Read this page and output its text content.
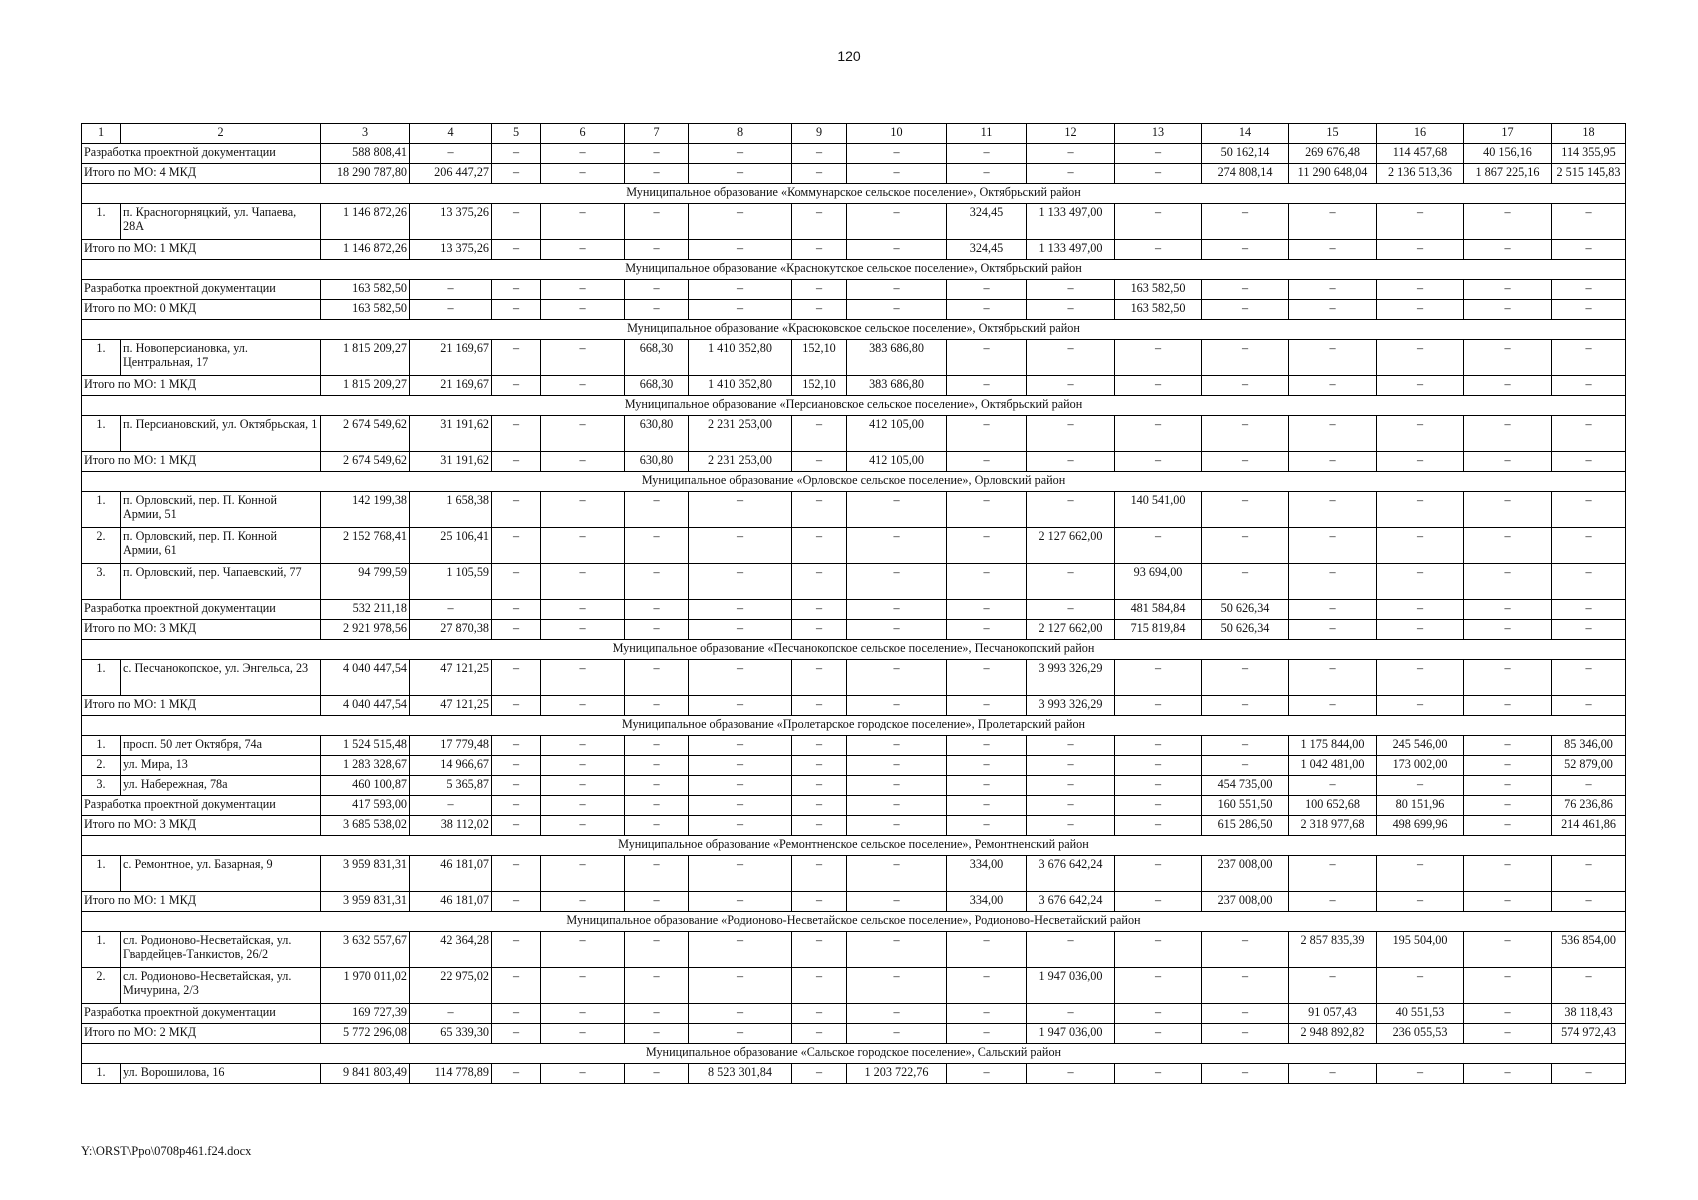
120
1	2	3	4	5	6	7	8	9	10	11	12	13	14	15	16	17	18
Разработка проектной документации		588 808,41	–	–	–	–	–	–	–	–	–	–	50 162,14	269 676,48	114 457,68	40 156,16	114 355,95
Итого по МО: 4 МКД		18 290 787,80	206 447,27	–	–	–	–	–	–	–	–	–	274 808,14	11 290 648,04	2 136 513,36	1 867 225,16	2 515 145,83
Муниципальное образование «Коммунарское сельское поселение», Октябрьский район																	
1.	п. Красногорняцкий, ул. Чапаева, 28А	1 146 872,26	13 375,26	–	–	–	–	–	–	324,45	1 133 497,00	–	–	–	–	–	–
Итого по МО: 1 МКД		1 146 872,26	13 375,26	–	–	–	–	–	–	324,45	1 133 497,00	–	–	–	–	–	–
Муниципальное образование «Краснокутское сельское поселение», Октябрьский район																	
Разработка проектной документации		163 582,50	–	–	–	–	–	–	–	–	–	163 582,50	–	–	–	–	–
Итого по МО: 0 МКД		163 582,50	–	–	–	–	–	–	–	–	–	163 582,50	–	–	–	–	–
Муниципальное образование «Красюковское сельское поселение», Октябрьский район																	
1.	п. Новоперсиановка, ул. Центральная, 17	1 815 209,27	21 169,67	–	–	668,30	1 410 352,80	152,10	383 686,80	–	–	–	–	–	–	–	–
Итого по МО: 1 МКД		1 815 209,27	21 169,67	–	–	668,30	1 410 352,80	152,10	383 686,80	–	–	–	–	–	–	–	–
Муниципальное образование «Персиановское сельское поселение», Октябрьский район																	
1.	п. Персиановский, ул. Октябрьская, 1	2 674 549,62	31 191,62	–	–	630,80	2 231 253,00	–	412 105,00	–	–	–	–	–	–	–	–
Итого по МО: 1 МКД		2 674 549,62	31 191,62	–	–	630,80	2 231 253,00	–	412 105,00	–	–	–	–	–	–	–	–
Муниципальное образование «Орловское сельское поселение», Орловский район																	
1.	п. Орловский, пер. П. Конной Армии, 51	142 199,38	1 658,38	–	–	–	–	–	–	–	–	140 541,00	–	–	–	–	–
2.	п. Орловский, пер. П. Конной Армии, 61	2 152 768,41	25 106,41	–	–	–	–	–	–	–	2 127 662,00	–	–	–	–	–	–
3.	п. Орловский, пер. Чапаевский, 77	94 799,59	1 105,59	–	–	–	–	–	–	–	–	93 694,00	–	–	–	–	–
Разработка проектной документации		532 211,18	–	–	–	–	–	–	–	–	–	481 584,84	50 626,34	–	–	–	–
Итого по МО: 3 МКД		2 921 978,56	27 870,38	–	–	–	–	–	–	–	2 127 662,00	715 819,84	50 626,34	–	–	–	–
Муниципальное образование «Песчанокопское сельское поселение», Песчанокопский район																	
1.	с. Песчанокопское, ул. Энгельса, 23	4 040 447,54	47 121,25	–	–	–	–	–	–	–	3 993 326,29	–	–	–	–	–	–
Итого по МО: 1 МКД		4 040 447,54	47 121,25	–	–	–	–	–	–	–	3 993 326,29	–	–	–	–	–	–
Муниципальное образование «Пролетарское городское поселение», Пролетарский район																	
1.	просп. 50 лет Октября, 74а	1 524 515,48	17 779,48	–	–	–	–	–	–	–	–	–	–	1 175 844,00	245 546,00	–	85 346,00
2.	ул. Мира, 13	1 283 328,67	14 966,67	–	–	–	–	–	–	–	–	–	–	1 042 481,00	173 002,00	–	52 879,00
3.	ул. Набережная, 78а	460 100,87	5 365,87	–	–	–	–	–	–	–	–	–	454 735,00	–	–	–	–
Разработка проектной документации		417 593,00	–	–	–	–	–	–	–	–	–	–	160 551,50	100 652,68	80 151,96	–	76 236,86
Итого по МО: 3 МКД		3 685 538,02	38 112,02	–	–	–	–	–	–	–	–	–	615 286,50	2 318 977,68	498 699,96	–	214 461,86
Муниципальное образование «Ремонтненское сельское поселение», Ремонтненский район																	
1.	с. Ремонтное, ул. Базарная, 9	3 959 831,31	46 181,07	–	–	–	–	–	–	334,00	3 676 642,24	–	237 008,00	–	–	–	–
Итого по МО: 1 МКД		3 959 831,31	46 181,07	–	–	–	–	–	–	334,00	3 676 642,24	–	237 008,00	–	–	–	–
Муниципальное образование «Родионово-Несветайское сельское поселение», Родионово-Несветайский район																	
1.	сл. Родионово-Несветайская, ул. Гвардейцев-Танкистов, 26/2	3 632 557,67	42 364,28	–	–	–	–	–	–	–	–	–	–	2 857 835,39	195 504,00	–	536 854,00
2.	сл. Родионово-Несветайская, ул. Мичурина, 2/3	1 970 011,02	22 975,02	–	–	–	–	–	–	–	1 947 036,00	–	–	–	–	–	–
Разработка проектной документации		169 727,39	–	–	–	–	–	–	–	–	–	–	–	91 057,43	40 551,53	–	38 118,43
Итого по МО: 2 МКД		5 772 296,08	65 339,30	–	–	–	–	–	–	–	1 947 036,00	–	–	2 948 892,82	236 055,53	–	574 972,43
Муниципальное образование «Сальское городское поселение», Сальский район																	
1.	ул. Ворошилова, 16	9 841 803,49	114 778,89	–	–	–	8 523 301,84	–	1 203 722,76	–	–	–	–	–	–	–	–
Y:\ORST\Ppo\0708p461.f24.docx
